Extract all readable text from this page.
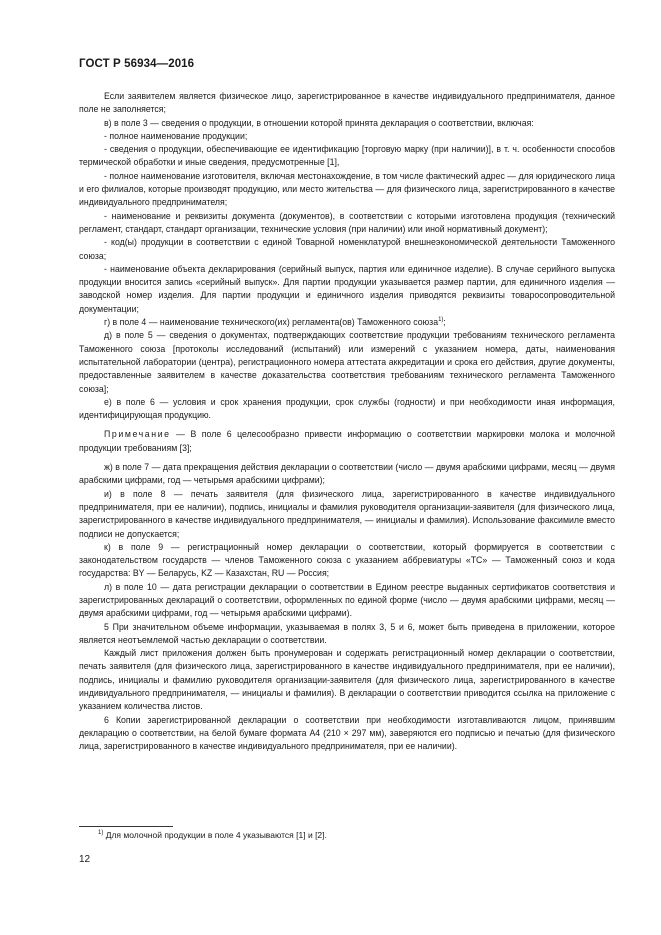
ГОСТ Р 56934—2016

Если заявителем является физическое лицо, зарегистрированное в качестве индивидуального предпринимателя, данное поле не заполняется;

в) в поле 3 — сведения о продукции, в отношении которой принята декларация о соответствии, включая:

- полное наименование продукции;

- сведения о продукции, обеспечивающие ее идентификацию [торговую марку (при наличии)], в т. ч. особенности способов термической обработки и иные сведения, предусмотренные [1],

- полное наименование изготовителя, включая местонахождение, в том числе фактический адрес — для юридического лица и его филиалов, которые производят продукцию, или место жительства — для физического лица, зарегистрированного в качестве индивидуального предпринимателя;

- наименование и реквизиты документа (документов), в соответствии с которыми изготовлена продукция (технический регламент, стандарт, стандарт организации, технические условия (при наличии) или иной нормативный документ);

- код(ы) продукции в соответствии с единой Товарной номенклатурой внешнеэкономической деятельности Таможенного союза;

- наименование объекта декларирования (серийный выпуск, партия или единичное изделие). В случае серийного выпуска продукции вносится запись «серийный выпуск». Для партии продукции указывается размер партии, для единичного изделия — заводской номер изделия. Для партии продукции и единичного изделия приводятся реквизиты товаросопроводительной документации;

г) в поле 4 — наименование технического(их) регламента(ов) Таможенного союза$^{1)}$;

д) в поле 5 — сведения о документах, подтверждающих соответствие продукции требованиям технического регламента Таможенного союза [протоколы исследований (испытаний) или измерений с указанием номера, даты, наименования испытательной лаборатории (центра), регистрационного номера аттестата аккредитации и срока его действия, другие документы, предоставленные заявителем в качестве доказательства соответствия требованиям технического регламента Таможенного союза];

е) в поле 6 — условия и срок хранения продукции, срок службы (годности) и при необходимости иная информация, идентифицирующая продукцию.

Примечание — В поле 6 целесообразно привести информацию о соответствии маркировки молока и молочной продукции требованиям [3];

ж) в поле 7 — дата прекращения действия декларации о соответствии (число — двумя арабскими цифрами, месяц — двумя арабскими цифрами, год — четырьмя арабскими цифрами);

и) в поле 8 — печать заявителя (для физического лица, зарегистрированного в качестве индивидуального предпринимателя, при ее наличии), подпись, инициалы и фамилия руководителя организации-заявителя (для физического лица, зарегистрированного в качестве индивидуального предпринимателя, — инициалы и фамилия). Использование факсимиле вместо подписи не допускается;

к) в поле 9 — регистрационный номер декларации о соответствии, который формируется в соответствии с законодательством государств — членов Таможенного союза с указанием аббревиатуры «ТС» — Таможенный союз и кода государства: BY — Беларусь, KZ — Казахстан, RU — Россия;

л) в поле 10 — дата регистрации декларации о соответствии в Едином реестре выданных сертификатов соответствия и зарегистрированных деклараций о соответствии, оформленных по единой форме (число — двумя арабскими цифрами, месяц — двумя арабскими цифрами, год — четырьмя арабскими цифрами).

5 При значительном объеме информации, указываемая в полях 3, 5 и 6, может быть приведена в приложении, которое является неотъемлемой частью декларации о соответствии.

Каждый лист приложения должен быть пронумерован и содержать регистрационный номер декларации о соответствии, печать заявителя (для физического лица, зарегистрированного в качестве индивидуального предпринимателя, при ее наличии), подпись, инициалы и фамилию руководителя организации-заявителя (для физического лица, зарегистрированного в качестве индивидуального предпринимателя, — инициалы и фамилия). В декларации о соответствии приводится ссылка на приложение с указанием количества листов.

6 Копии зарегистрированной декларации о соответствии при необходимости изготавливаются лицом, принявшим декларацию о соответствии, на белой бумаге формата А4 (210 × 297 мм), заверяются его подписью и печатью (для физического лица, зарегистрированного в качестве индивидуального предпринимателя, при ее наличии).

$^{1)}$ Для молочной продукции в поле 4 указываются [1] и [2].
12
